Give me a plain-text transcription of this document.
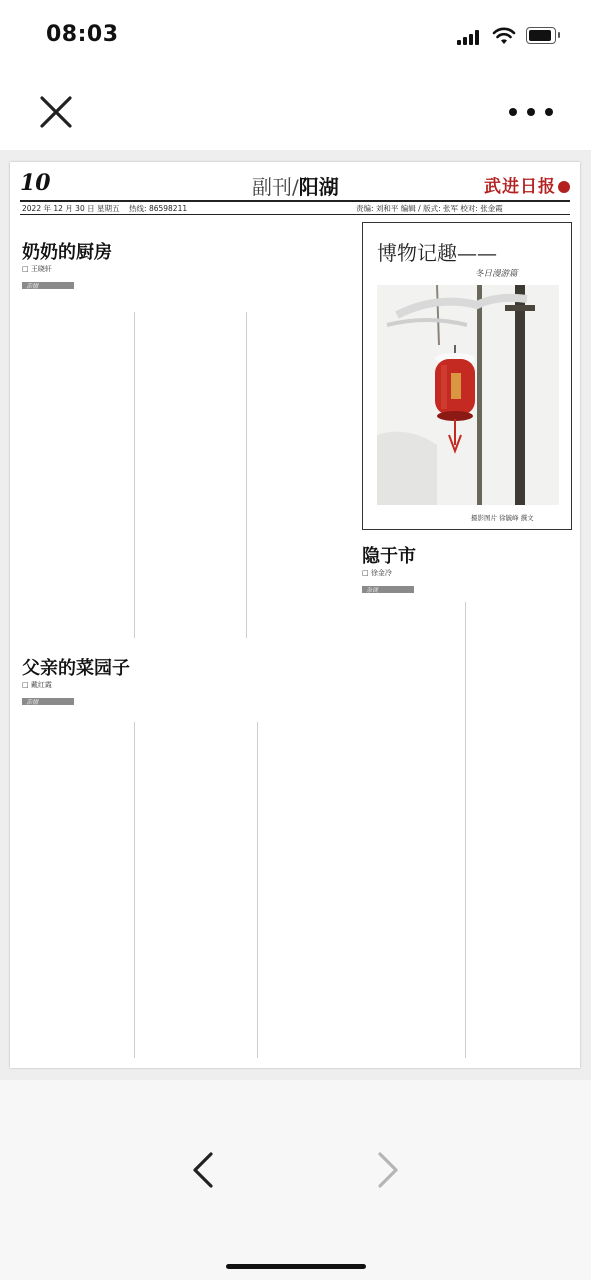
08:03
10	副刊/阳湖	武进日报
2022 年 12 月 30 日 星期五 热线: 86598211	责编: 刘和平 编辑 / 版式: 张军 校对: 张金霞
奶奶的厨房
□ 王晓轩
亲情
父亲的菜园子
□ 戴红霞
亲情
博物记趣——
冬日漫游篇
摄影图片 徐毓峰 撰文
隐于市
□ 徐金冷
杂谈
